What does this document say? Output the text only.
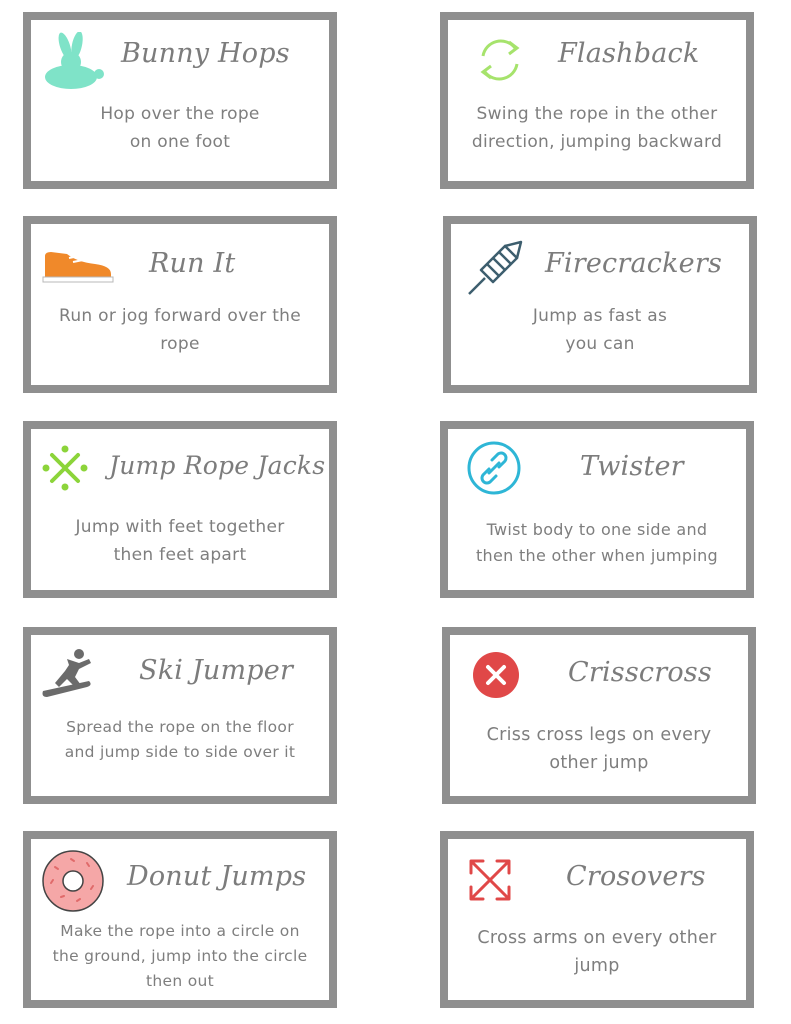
Bunny Hops
Hop over the rope
on one foot
Flashback
Swing the rope in the other
direction, jumping backward
Run It
Run or jog forward over the
rope
Firecrackers
Jump as fast as
you can
Jump Rope Jacks
Jump with feet together
then feet apart
Twister
Twist body to one side and
then the other when jumping
Ski Jumper
Spread the rope on the floor
and jump side to side over it
Crisscross
Criss cross legs on every
other jump
Donut Jumps
Make the rope into a circle on
the ground, jump into the circle
then out
Crosovers
Cross arms on every other
jump
